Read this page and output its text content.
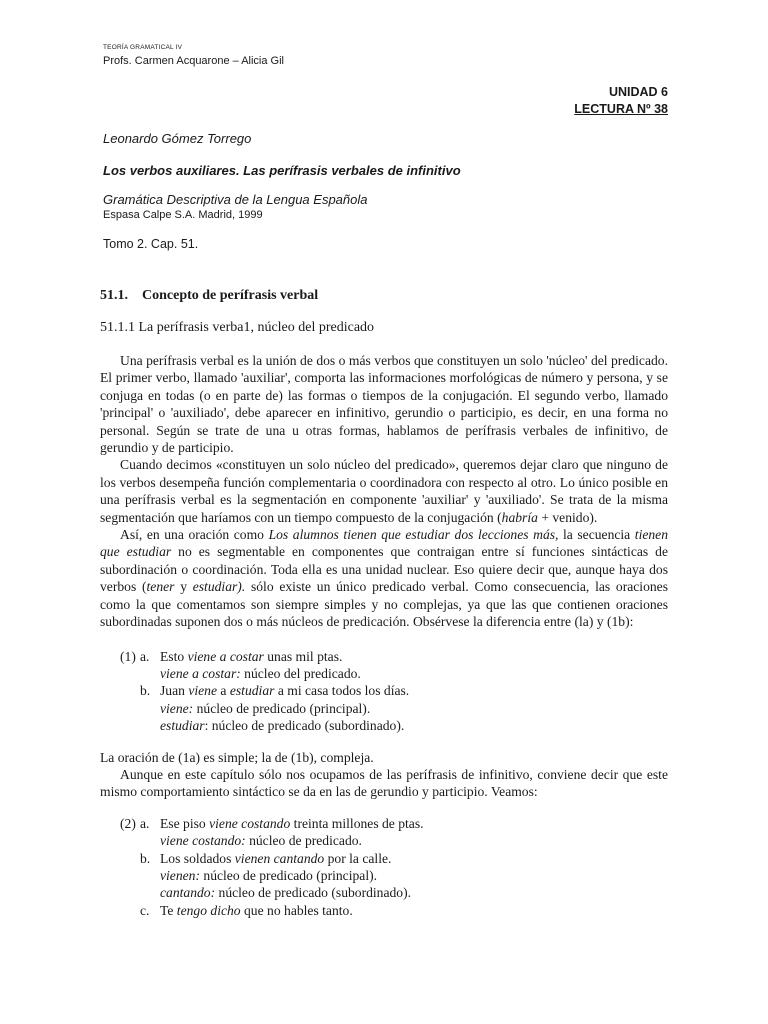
TEORÍA GRAMATICAL IV
Profs. Carmen Acquarone – Alicia Gil
UNIDAD 6
LECTURA Nº 38
Leonardo Gómez Torrego
Los verbos auxiliares. Las perífrasis verbales de infinitivo
Gramática Descriptiva de la Lengua Española
Espasa Calpe S.A. Madrid, 1999
Tomo 2. Cap. 51.
51.1. Concepto de perífrasis verbal
51.1.1 La perífrasis verba1, núcleo del predicado

Una perífrasis verbal es la unión de dos o más verbos que constituyen un solo 'núcleo' del predicado. El primer verbo, llamado 'auxiliar', comporta las informaciones morfológicas de número y persona, y se conjuga en todas (o en parte de) las formas o tiempos de la conjugación. El segundo verbo, llamado 'principal' o 'auxiliado', debe aparecer en infinitivo, gerundio o participio, es decir, en una forma no personal. Según se trate de una u otras formas, hablamos de perífrasis verbales de infinitivo, de gerundio y de participio.

Cuando decimos «constituyen un solo núcleo del predicado», queremos dejar claro que ninguno de los verbos desempeña función complementaria o coordinadora con respecto al otro. Lo único posible en una perífrasis verbal es la segmentación en componente 'auxiliar' y 'auxiliado'. Se trata de la misma segmentación que haríamos con un tiempo compuesto de la conjugación (habría + venido).

Así, en una oración como Los alumnos tienen que estudiar dos lecciones más, la secuencia tienen que estudiar no es segmentable en componentes que contraigan entre sí funciones sintácticas de subordinación o coordinación. Toda ella es una unidad nuclear. Eso quiere decir que, aunque haya dos verbos (tener y estudiar). sólo existe un único predicado verbal. Como consecuencia, las oraciones como la que comentamos son siempre simples y no complejas, ya que las que contienen oraciones subordinadas suponen dos o más núcleos de predicación. Obsérvese la diferencia entre (la) y (1b):

(1) a. Esto viene a costar unas mil ptas.
viene a costar: núcleo del predicado.
b. Juan viene a estudiar a mi casa todos los días.
viene: núcleo de predicado (principal).
estudiar: núcleo de predicado (subordinado).

La oración de (1a) es simple; la de (1b), compleja.

Aunque en este capítulo sólo nos ocupamos de las perífrasis de infinitivo, conviene decir que este mismo comportamiento sintáctico se da en las de gerundio y participio. Veamos:

(2) a. Ese piso viene costando treinta millones de ptas.
viene costando: núcleo de predicado.
b. Los soldados vienen cantando por la calle.
vienen: núcleo de predicado (principal).
cantando: núcleo de predicado (subordinado).
c. Te tengo dicho que no hables tanto.
